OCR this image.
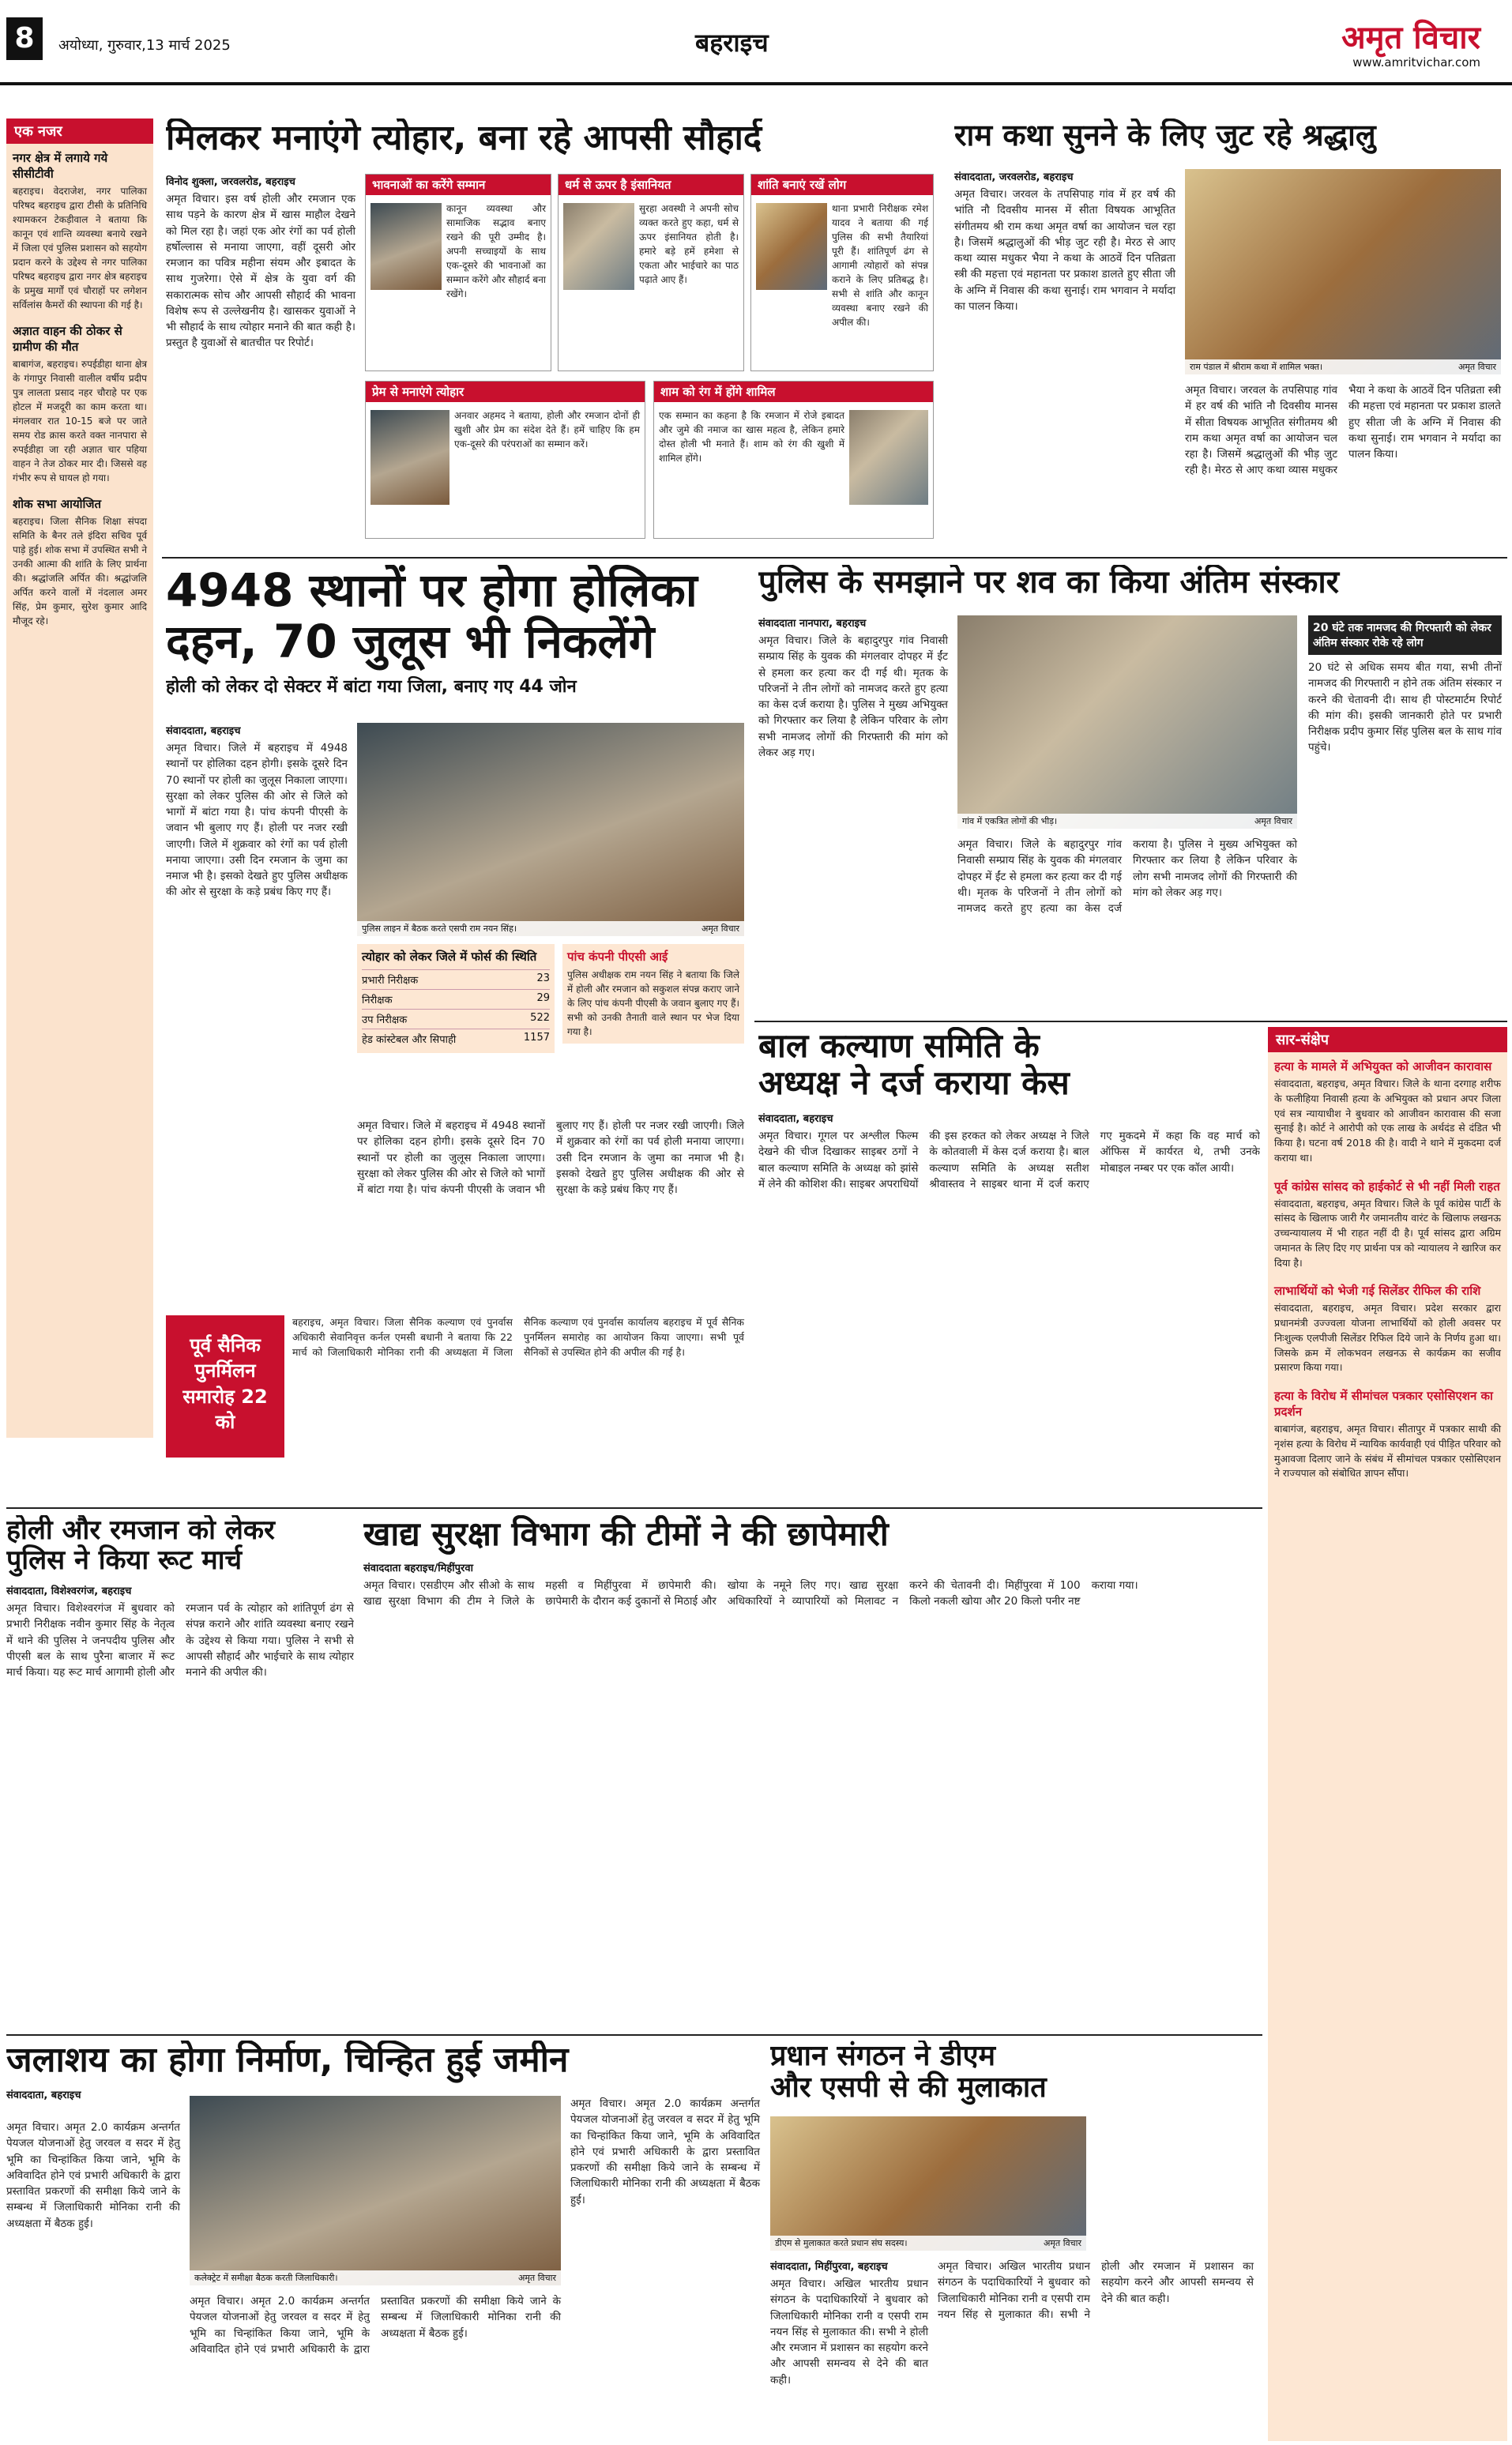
8	अयोध्या, गुरुवार,13 मार्च 2025	बहराइच	अमृत विचार
www.amritvichar.com
एक नजर
नगर क्षेत्र में लगाये गये सीसीटीवी
बहराइच। वेदराजेश, नगर पालिका परिषद बहराइच द्वारा टीसी के प्रतिनिधि श्यामकरन टेकड़ीवाल ने बताया कि कानून एवं शान्ति व्यवस्था बनाये रखने में जिला एवं पुलिस प्रशासन को सहयोग प्रदान करने के उद्देश्य से नगर पालिका परिषद बहराइच द्वारा नगर क्षेत्र बहराइच के प्रमुख मार्गों एवं चौराहों पर लगेशन सर्विलांस कैमरों की स्थापना की गई है।
अज्ञात वाहन की ठोकर से ग्रामीण की मौत
बाबागंज, बहराइच। रुपईडीहा थाना क्षेत्र के गंगापुर निवासी वालील वर्षीय प्रदीप पुत्र लालता प्रसाद नहर चौराहे पर एक होटल में मजदूरी का काम करता था। मंगलवार रात 10-15 बजे पर जाते समय रोड क्रास करते वक्त नानपारा से रुपईडीहा जा रही अज्ञात चार पहिया वाहन ने तेज ठोकर मार दी। जिससे वह गंभीर रूप से घायल हो गया।
शोक सभा आयोजित
बहराइच। जिला सैनिक शिक्षा संपदा समिति के बैनर तले इंदिरा सचिव पूर्व पाड़े हुई। शोक सभा में उपस्थित सभी ने उनकी आत्मा की शांति के लिए प्रार्थना की। श्रद्धांजलि अर्पित की। श्रद्धांजलि अर्पित करने वालों में नंदलाल अमर सिंह, प्रेम कुमार, सुरेश कुमार आदि मौजूद रहे।
मिलकर मनाएंगे त्योहार, बना रहे आपसी सौहार्द
विनोद शुक्ला, जरवलरोड, बहराइच
अमृत विचार। इस वर्ष होली और रमजान एक साथ पड़ने के कारण क्षेत्र में खास माहौल देखने को मिल रहा है। जहां एक ओर रंगों का पर्व होली हर्षोल्लास से मनाया जाएगा, वहीं दूसरी ओर रमजान का पवित्र महीना संयम और इबादत के साथ गुजरेगा। ऐसे में क्षेत्र के युवा वर्ग की सकारात्मक सोच और आपसी सौहार्द की भावना विशेष रूप से उल्लेखनीय है। खासकर युवाओं ने भी सौहार्द के साथ त्योहार मनाने की बात कही है। प्रस्तुत है युवाओं से बातचीत पर रिपोर्ट।
भावनाओं का करेंगे सम्मान
कानून व्यवस्था और सामाजिक सद्भाव बनाए रखने की पूरी उम्मीद है। अपनी सच्चाइयों के साथ एक-दूसरे की भावनाओं का सम्मान करेंगे और सौहार्द बना रखेंगे।
धर्म से ऊपर है इंसानियत
सुरहा अवस्थी ने अपनी सोच व्यक्त करते हुए कहा, धर्म से ऊपर इंसानियत होती है। हमारे बड़े हमें हमेशा से एकता और भाईचारे का पाठ पढ़ाते आए हैं।
शांति बनाएं रखें लोग
थाना प्रभारी निरीक्षक रमेश यादव ने बताया की गई पुलिस की सभी तैयारियां पूरी हैं। शांतिपूर्ण ढंग से आगामी त्योहारों को संपन्न कराने के लिए प्रतिबद्ध है। सभी से शांति और कानून व्यवस्था बनाए रखने की अपील की।
प्रेम से मनाएंगे त्योहार
अनवार अहमद ने बताया, होली और रमजान दोनों ही खुशी और प्रेम का संदेश देते हैं। हमें चाहिए कि हम एक-दूसरे की परंपराओं का सम्मान करें।
शाम को रंग में होंगे शामिल
एक सम्मान का कहना है कि रमजान में रोजे इबादत और जुमे की नमाज का खास महत्व है, लेकिन हमारे दोस्त होली भी मनाते हैं। शाम को रंग की खुशी में शामिल होंगे।
राम कथा सुनने के लिए जुट रहे श्रद्धालु
संवाददाता, जरवलरोड, बहराइच
अमृत विचार। जरवल के तपसिपाह गांव में हर वर्ष की भांति नौ दिवसीय मानस में सीता विषयक आभूतित संगीतमय श्री राम कथा अमृत वर्षा का आयोजन चल रहा है। जिसमें श्रद्धालुओं की भीड़ जुट रही है। मेरठ से आए कथा व्यास मधुकर भैया ने कथा के आठवें दिन पतिव्रता स्त्री की महत्ता एवं महानता पर प्रकाश डालते हुए सीता जी के अग्नि में निवास की कथा सुनाई। राम भगवान ने मर्यादा का पालन किया।
राम पंडाल में श्रीराम कथा में शामिल भक्त।	अमृत विचार
अमृत विचार। जरवल के तपसिपाह गांव में हर वर्ष की भांति नौ दिवसीय मानस में सीता विषयक आभूतित संगीतमय श्री राम कथा अमृत वर्षा का आयोजन चल रहा है। जिसमें श्रद्धालुओं की भीड़ जुट रही है। मेरठ से आए कथा व्यास मधुकर भैया ने कथा के आठवें दिन पतिव्रता स्त्री की महत्ता एवं महानता पर प्रकाश डालते हुए सीता जी के अग्नि में निवास की कथा सुनाई। राम भगवान ने मर्यादा का पालन किया।
4948 स्थानों पर होगा होलिका
दहन, 70 जुलूस भी निकलेंगे
होली को लेकर दो सेक्टर में बांटा गया जिला, बनाए गए 44 जोन
संवाददाता, बहराइच
अमृत विचार। जिले में बहराइच में 4948 स्थानों पर होलिका दहन होगी। इसके दूसरे दिन 70 स्थानों पर होली का जुलूस निकाला जाएगा। सुरक्षा को लेकर पुलिस की ओर से जिले को भागों में बांटा गया है। पांच कंपनी पीएसी के जवान भी बुलाए गए हैं। होली पर नजर रखी जाएगी। जिले में शुक्रवार को रंगों का पर्व होली मनाया जाएगा। उसी दिन रमजान के जुमा का नमाज भी है। इसको देखते हुए पुलिस अधीक्षक की ओर से सुरक्षा के कड़े प्रबंध किए गए हैं।
पुलिस लाइन में बैठक करते एसपी राम नयन सिंह।	अमृत विचार
त्योहार को लेकर जिले में फोर्स की स्थिति
प्रभारी निरीक्षक	23
निरीक्षक	29
उप निरीक्षक	522
हेड कांस्टेबल और सिपाही	1157
पांच कंपनी पीएसी आई
पुलिस अधीक्षक राम नयन सिंह ने बताया कि जिले में होली और रमजान को सकुशल संपन्न कराए जाने के लिए पांच कंपनी पीएसी के जवान बुलाए गए हैं। सभी को उनकी तैनाती वाले स्थान पर भेज दिया गया है।
अमृत विचार। जिले में बहराइच में 4948 स्थानों पर होलिका दहन होगी। इसके दूसरे दिन 70 स्थानों पर होली का जुलूस निकाला जाएगा। सुरक्षा को लेकर पुलिस की ओर से जिले को भागों में बांटा गया है। पांच कंपनी पीएसी के जवान भी बुलाए गए हैं। होली पर नजर रखी जाएगी। जिले में शुक्रवार को रंगों का पर्व होली मनाया जाएगा। उसी दिन रमजान के जुमा का नमाज भी है। इसको देखते हुए पुलिस अधीक्षक की ओर से सुरक्षा के कड़े प्रबंध किए गए हैं।
पूर्व सैनिक पुनर्मिलन समारोह 22 को
बहराइच, अमृत विचार। जिला सैनिक कल्याण एवं पुनर्वास अधिकारी सेवानिवृत्त कर्नल एमसी बधानी ने बताया कि 22 मार्च को जिलाधिकारी मोनिका रानी की अध्यक्षता में जिला सैनिक कल्याण एवं पुनर्वास कार्यालय बहराइच में पूर्व सैनिक पुनर्मिलन समारोह का आयोजन किया जाएगा। सभी पूर्व सैनिकों से उपस्थित होने की अपील की गई है।
पुलिस के समझाने पर शव का किया अंतिम संस्कार
संवाददाता नानपारा, बहराइच
अमृत विचार। जिले के बहादुरपुर गांव निवासी सम्प्राय सिंह के युवक की मंगलवार दोपहर में ईंट से हमला कर हत्या कर दी गई थी। मृतक के परिजनों ने तीन लोगों को नामजद करते हुए हत्या का केस दर्ज कराया है। पुलिस ने मुख्य अभियुक्त को गिरफ्तार कर लिया है लेकिन परिवार के लोग सभी नामजद लोगों की गिरफ्तारी की मांग को लेकर अड़ गए।
गांव में एकत्रित लोगों की भीड़।	अमृत विचार
अमृत विचार। जिले के बहादुरपुर गांव निवासी सम्प्राय सिंह के युवक की मंगलवार दोपहर में ईंट से हमला कर हत्या कर दी गई थी। मृतक के परिजनों ने तीन लोगों को नामजद करते हुए हत्या का केस दर्ज कराया है। पुलिस ने मुख्य अभियुक्त को गिरफ्तार कर लिया है लेकिन परिवार के लोग सभी नामजद लोगों की गिरफ्तारी की मांग को लेकर अड़ गए।
20 घंटे तक नामजद की गिरफ्तारी को लेकर अंतिम संस्कार रोके रहे लोग
20 घंटे से अधिक समय बीत गया, सभी तीनों नामजद की गिरफ्तारी न होने तक अंतिम संस्कार न करने की चेतावनी दी। साथ ही पोस्टमार्टम रिपोर्ट की मांग की। इसकी जानकारी होते पर प्रभारी निरीक्षक प्रदीप कुमार सिंह पुलिस बल के साथ गांव पहुंचे।
बाल कल्याण समिति के
अध्यक्ष ने दर्ज कराया केस
संवाददाता, बहराइच
अमृत विचार। गूगल पर अश्लील फिल्म देखने की चीज दिखाकर साइबर ठगों ने बाल कल्याण समिति के अध्यक्ष को झांसे में लेने की कोशिश की। साइबर अपराधियों की इस हरकत को लेकर अध्यक्ष ने जिले के कोतवाली में केस दर्ज कराया है। बाल कल्याण समिति के अध्यक्ष सतीश श्रीवास्तव ने साइबर थाना में दर्ज कराए गए मुकदमे में कहा कि वह मार्च को ऑफिस में कार्यरत थे, तभी उनके मोबाइल नम्बर पर एक कॉल आयी।
सार-संक्षेप
हत्या के मामले में अभियुक्त को आजीवन कारावास
संवाददाता, बहराइच, अमृत विचार। जिले के थाना दरगाह शरीफ के फलीहिया निवासी हत्या के अभियुक्त को प्रधान अपर जिला एवं सत्र न्यायाधीश ने बुधवार को आजीवन कारावास की सजा सुनाई है। कोर्ट ने आरोपी को एक लाख के अर्थदंड से दंडित भी किया है। घटना वर्ष 2018 की है। वादी ने थाने में मुकदमा दर्ज कराया था।
पूर्व कांग्रेस सांसद को हाईकोर्ट से भी नहीं मिली राहत
संवाददाता, बहराइच, अमृत विचार। जिले के पूर्व कांग्रेस पार्टी के सांसद के खिलाफ जारी गैर जमानतीय वारंट के खिलाफ लखनऊ उच्चन्यायालय में भी राहत नहीं दी है। पूर्व सांसद द्वारा अग्रिम जमानत के लिए दिए गए प्रार्थना पत्र को न्यायालय ने खारिज कर दिया है।
लाभार्थियों को भेजी गई सिलेंडर रीफिल की राशि
संवाददाता, बहराइच, अमृत विचार। प्रदेश सरकार द्वारा प्रधानमंत्री उज्ज्वला योजना लाभार्थियों को होली अवसर पर निःशुल्क एलपीजी सिलेंडर रिफिल दिये जाने के निर्णय हुआ था। जिसके क्रम में लोकभवन लखनऊ से कार्यक्रम का सजीव प्रसारण किया गया।
हत्या के विरोध में सीमांचल पत्रकार एसोसिएशन का प्रदर्शन
बाबागंज, बहराइच, अमृत विचार। सीतापुर में पत्रकार साथी की नृशंस हत्या के विरोध में न्यायिक कार्यवाही एवं पीड़ित परिवार को मुआवजा दिलाए जाने के संबंध में सीमांचल पत्रकार एसोसिएशन ने राज्यपाल को संबोधित ज्ञापन सौंपा।
होली और रमजान को लेकर
पुलिस ने किया रूट मार्च
संवाददाता, विशेश्वरगंज, बहराइच
अमृत विचार। विशेश्वरगंज में बुधवार को प्रभारी निरीक्षक नवीन कुमार सिंह के नेतृत्व में थाने की पुलिस ने जनपदीय पुलिस और पीएसी बल के साथ पुरैना बाजार में रूट मार्च किया। यह रूट मार्च आगामी होली और रमजान पर्व के त्योहार को शांतिपूर्ण ढंग से संपन्न कराने और शांति व्यवस्था बनाए रखने के उद्देश्य से किया गया। पुलिस ने सभी से आपसी सौहार्द और भाईचारे के साथ त्योहार मनाने की अपील की।
खाद्य सुरक्षा विभाग की टीमों ने की छापेमारी
संवाददाता बहराइच/मिहींपुरवा
अमृत विचार। एसडीएम और सीओ के साथ खाद्य सुरक्षा विभाग की टीम ने जिले के महसी व मिहींपुरवा में छापेमारी की। छापेमारी के दौरान कई दुकानों से मिठाई और खोया के नमूने लिए गए। खाद्य सुरक्षा अधिकारियों ने व्यापारियों को मिलावट न करने की चेतावनी दी। मिहींपुरवा में 100 किलो नकली खोया और 20 किलो पनीर नष्ट कराया गया।
जलाशय का होगा निर्माण, चिन्हित हुई जमीन
संवाददाता, बहराइच
अमृत विचार। अमृत 2.0 कार्यक्रम अन्तर्गत पेयजल योजनाओं हेतु जरवल व सदर में हेतु भूमि का चिन्हांकित किया जाने, भूमि के अविवादित होने एवं प्रभारी अधिकारी के द्वारा प्रस्तावित प्रकरणों की समीक्षा किये जाने के सम्बन्ध में जिलाधिकारी मोनिका रानी की अध्यक्षता में बैठक हुई।
कलेक्ट्रेट में समीक्षा बैठक करती जिलाधिकारी।	अमृत विचार
अमृत विचार। अमृत 2.0 कार्यक्रम अन्तर्गत पेयजल योजनाओं हेतु जरवल व सदर में हेतु भूमि का चिन्हांकित किया जाने, भूमि के अविवादित होने एवं प्रभारी अधिकारी के द्वारा प्रस्तावित प्रकरणों की समीक्षा किये जाने के सम्बन्ध में जिलाधिकारी मोनिका रानी की अध्यक्षता में बैठक हुई।
अमृत विचार। अमृत 2.0 कार्यक्रम अन्तर्गत पेयजल योजनाओं हेतु जरवल व सदर में हेतु भूमि का चिन्हांकित किया जाने, भूमि के अविवादित होने एवं प्रभारी अधिकारी के द्वारा प्रस्तावित प्रकरणों की समीक्षा किये जाने के सम्बन्ध में जिलाधिकारी मोनिका रानी की अध्यक्षता में बैठक हुई।
प्रधान संगठन ने डीएम
और एसपी से की मुलाकात
डीएम से मुलाकात करते प्रधान संघ सदस्य।	अमृत विचार
संवाददाता, मिहींपुरवा, बहराइच
अमृत विचार। अखिल भारतीय प्रधान संगठन के पदाधिकारियों ने बुधवार को जिलाधिकारी मोनिका रानी व एसपी राम नयन सिंह से मुलाकात की। सभी ने होली और रमजान में प्रशासन का सहयोग करने और आपसी समन्वय से देने की बात कही।
अमृत विचार। अखिल भारतीय प्रधान संगठन के पदाधिकारियों ने बुधवार को जिलाधिकारी मोनिका रानी व एसपी राम नयन सिंह से मुलाकात की। सभी ने होली और रमजान में प्रशासन का सहयोग करने और आपसी समन्वय से देने की बात कही।
